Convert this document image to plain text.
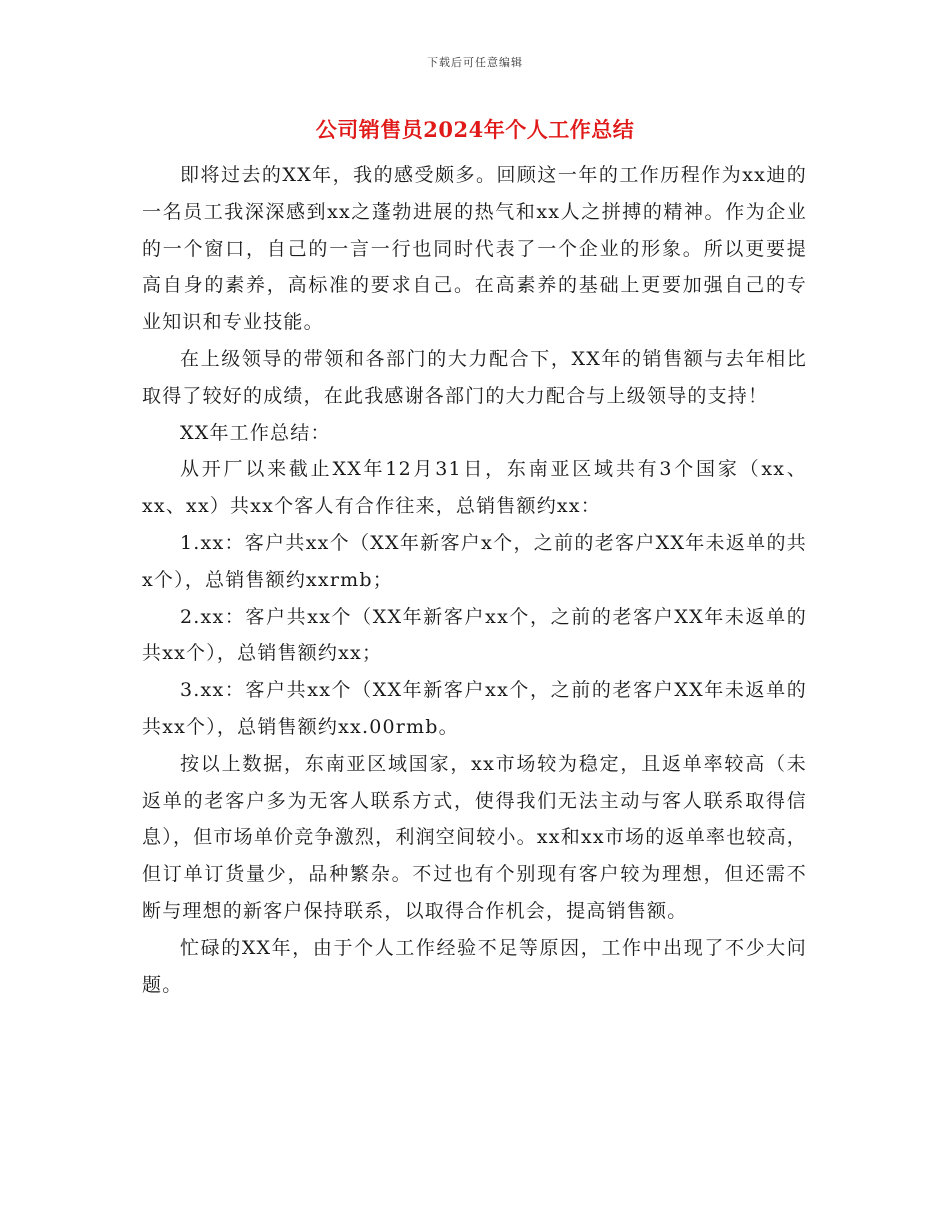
下载后可任意编辑
公司销售员2024年个人工作总结

即将过去的XX年，我的感受颇多。回顾这一年的工作历程作为xx迪的一名员工我深深感到xx之蓬勃进展的热气和xx人之拼搏的精神。作为企业的一个窗口，自己的一言一行也同时代表了一个企业的形象。所以更要提高自身的素养，高标准的要求自己。在高素养的基础上更要加强自己的专业知识和专业技能。

在上级领导的带领和各部门的大力配合下，XX年的销售额与去年相比取得了较好的成绩，在此我感谢各部门的大力配合与上级领导的支持！

XX年工作总结：

从开厂以来截止XX年12月31日，东南亚区域共有3个国家（xx、xx、xx）共xx个客人有合作往来，总销售额约xx：

1.xx：客户共xx个（XX年新客户x个，之前的老客户XX年未返单的共x个），总销售额约xxrmb；

2.xx：客户共xx个（XX年新客户xx个，之前的老客户XX年未返单的共xx个），总销售额约xx；

3.xx：客户共xx个（XX年新客户xx个，之前的老客户XX年未返单的共xx个），总销售额约xx.00rmb。

按以上数据，东南亚区域国家，xx市场较为稳定，且返单率较高（未返单的老客户多为无客人联系方式，使得我们无法主动与客人联系取得信息），但市场单价竞争激烈，利润空间较小。xx和xx市场的返单率也较高，但订单订货量少，品种繁杂。不过也有个别现有客户较为理想，但还需不断与理想的新客户保持联系，以取得合作机会，提高销售额。

忙碌的XX年，由于个人工作经验不足等原因，工作中出现了不少大问题。
